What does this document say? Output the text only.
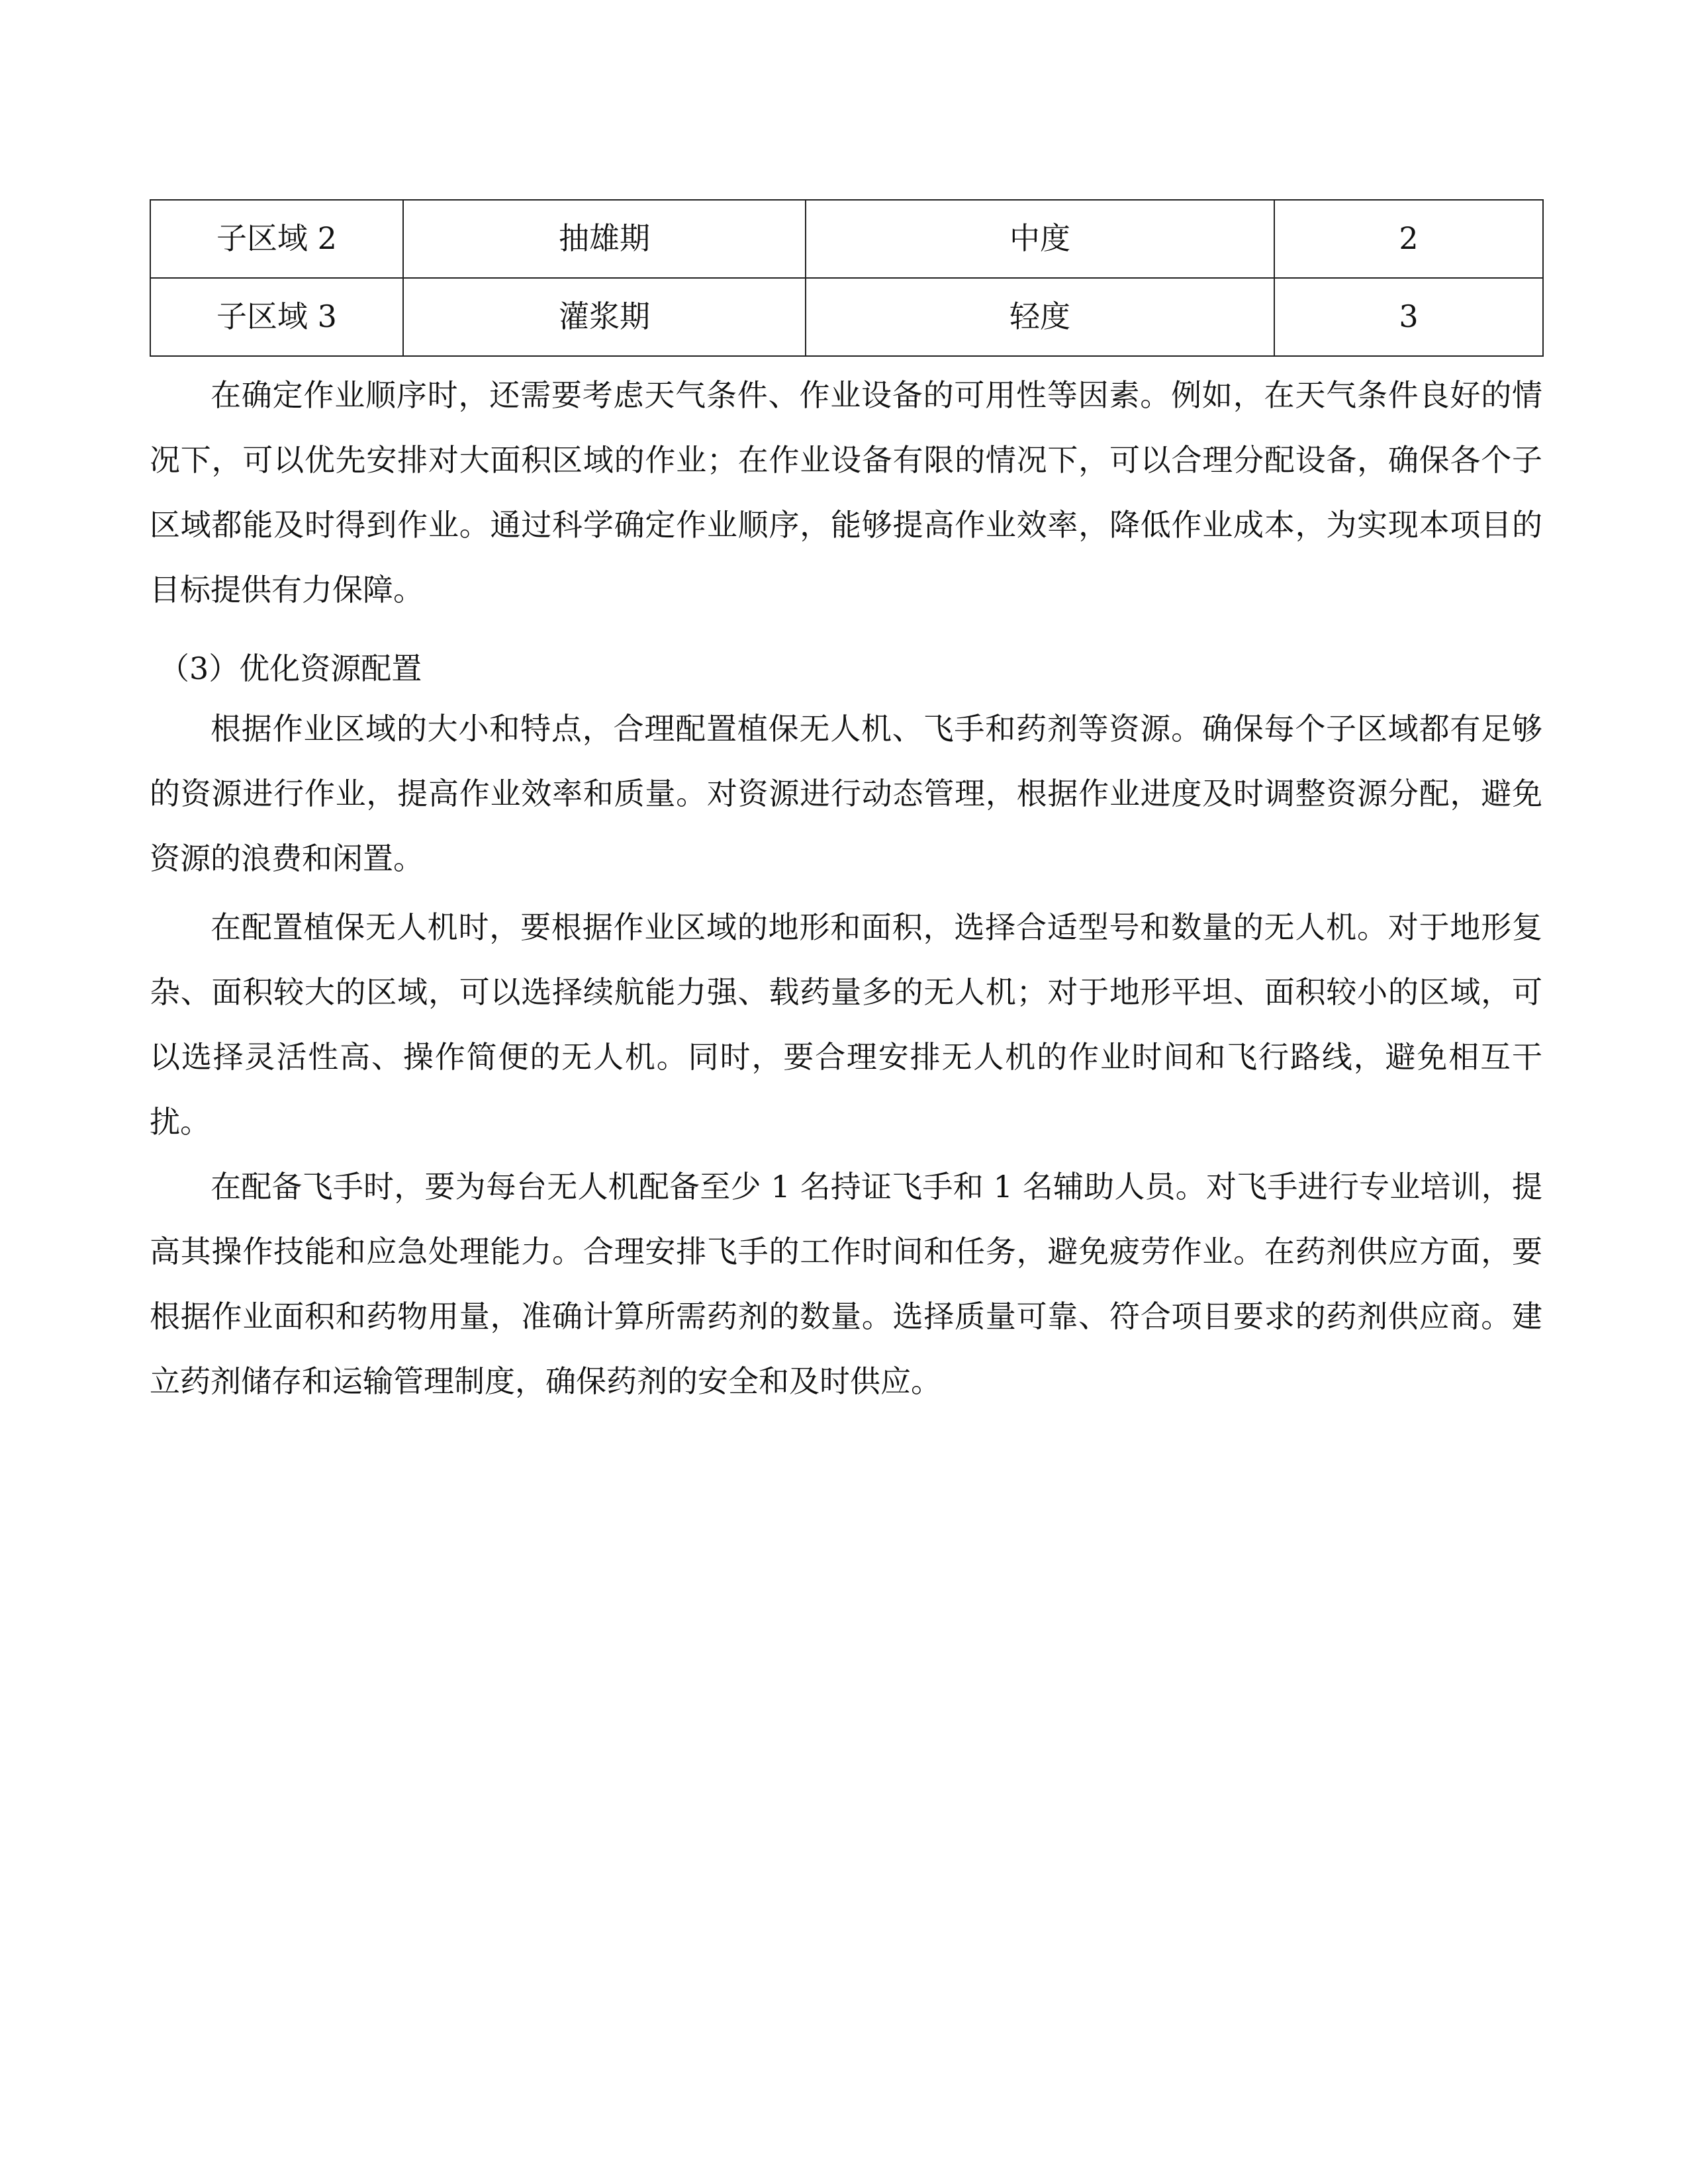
子区域 2	抽雄期	中度	2
子区域 3	灌浆期	轻度	3

在确定作业顺序时，还需要考虑天气条件、作业设备的可用性等因素。例如，在天气条件良好的情况下，可以优先安排对大面积区域的作业；在作业设备有限的情况下，可以合理分配设备，确保各个子区域都能及时得到作业。通过科学确定作业顺序，能够提高作业效率，降低作业成本，为实现本项目的目标提供有力保障。

（3）优化资源配置

根据作业区域的大小和特点，合理配置植保无人机、飞手和药剂等资源。确保每个子区域都有足够的资源进行作业，提高作业效率和质量。对资源进行动态管理，根据作业进度及时调整资源分配，避免资源的浪费和闲置。

在配置植保无人机时，要根据作业区域的地形和面积，选择合适型号和数量的无人机。对于地形复杂、面积较大的区域，可以选择续航能力强、载药量多的无人机；对于地形平坦、面积较小的区域，可以选择灵活性高、操作简便的无人机。同时，要合理安排无人机的作业时间和飞行路线，避免相互干扰。

在配备飞手时，要为每台无人机配备至少 1 名持证飞手和 1 名辅助人员。对飞手进行专业培训，提高其操作技能和应急处理能力。合理安排飞手的工作时间和任务，避免疲劳作业。在药剂供应方面，要根据作业面积和药物用量，准确计算所需药剂的数量。选择质量可靠、符合项目要求的药剂供应商。建立药剂储存和运输管理制度，确保药剂的安全和及时供应。
